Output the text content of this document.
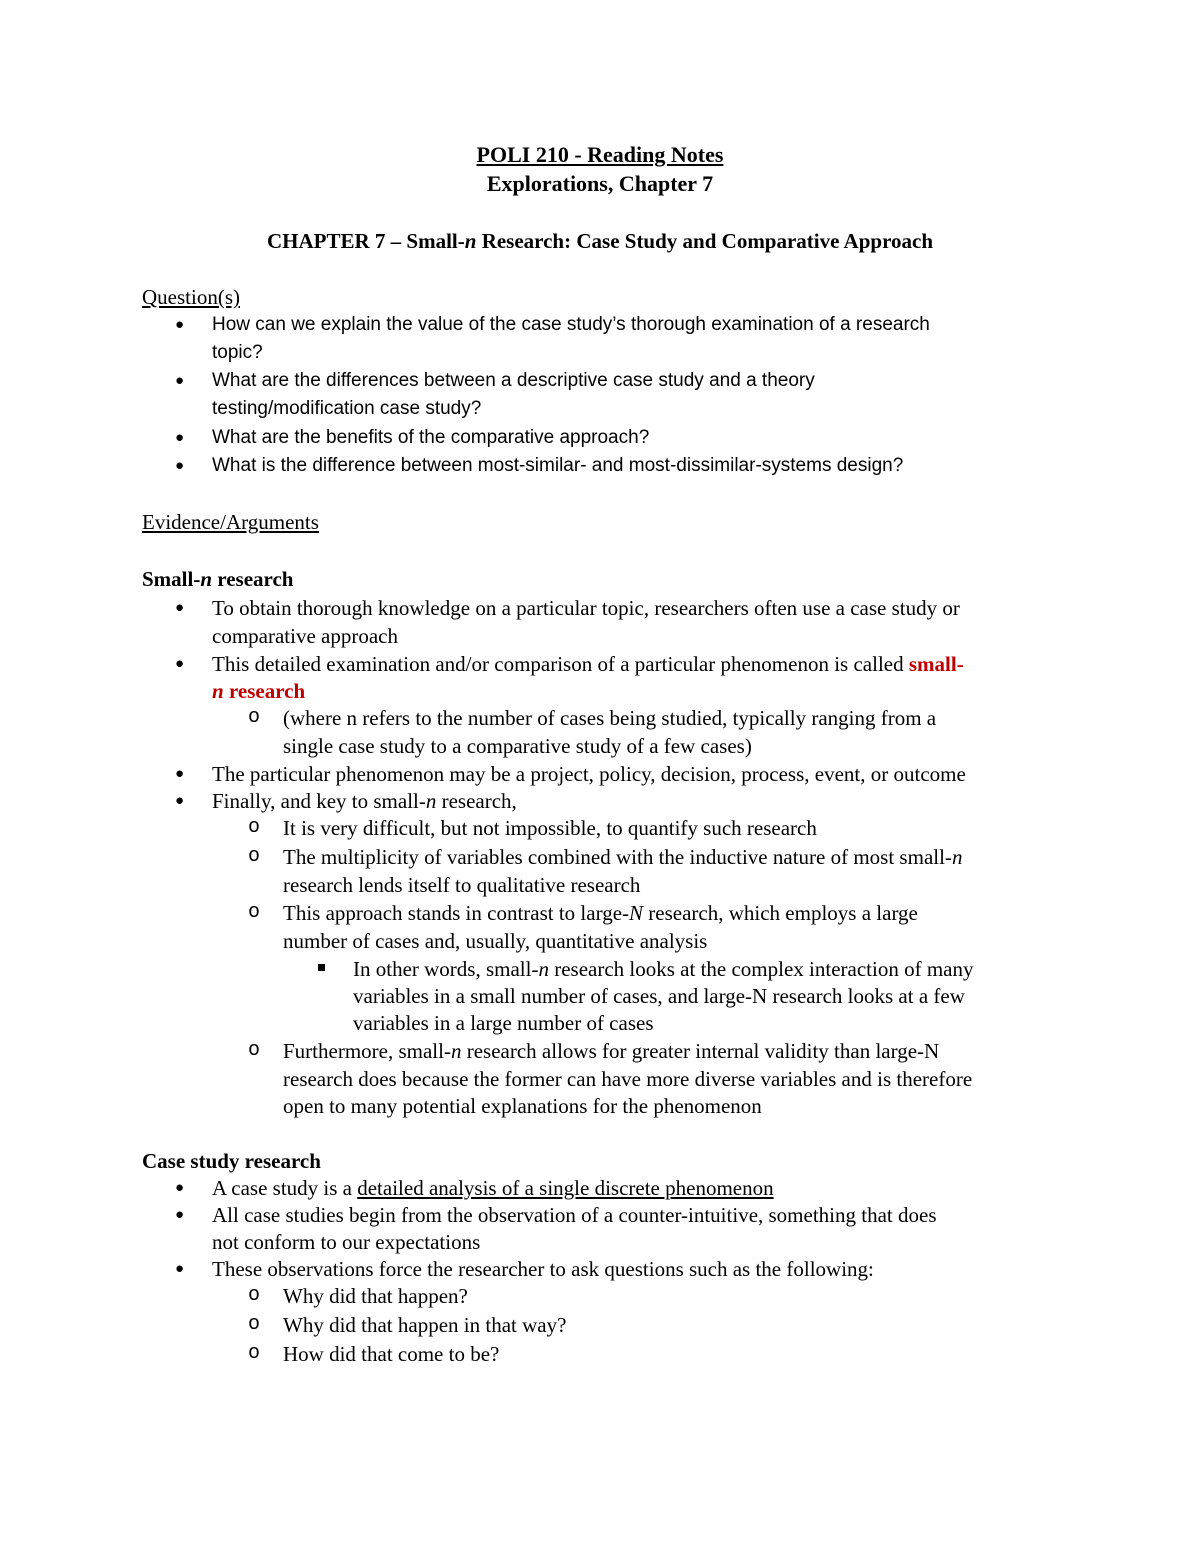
POLI 210 - Reading Notes
Explorations, Chapter 7
CHAPTER 7 – Small-n Research: Case Study and Comparative Approach
Question(s)
● How can we explain the value of the case study’s thorough examination of a research
topic?
● What are the differences between a descriptive case study and a theory
testing/modification case study?
● What are the benefits of the comparative approach?
● What is the difference between most-similar- and most-dissimilar-systems design?
Evidence/Arguments
Small-n research
● To obtain thorough knowledge on a particular topic, researchers often use a case study or
comparative approach
● This detailed examination and/or comparison of a particular phenomenon is called small-
n research
o (where n refers to the number of cases being studied, typically ranging from a
single case study to a comparative study of a few cases)
● The particular phenomenon may be a project, policy, decision, process, event, or outcome
● Finally, and key to small-n research,
o It is very difficult, but not impossible, to quantify such research
o The multiplicity of variables combined with the inductive nature of most small-n
research lends itself to qualitative research
o This approach stands in contrast to large-N research, which employs a large
number of cases and, usually, quantitative analysis
In other words, small-n research looks at the complex interaction of many
variables in a small number of cases, and large-N research looks at a few
variables in a large number of cases
o Furthermore, small-n research allows for greater internal validity than large-N
research does because the former can have more diverse variables and is therefore
open to many potential explanations for the phenomenon
Case study research
● A case study is a detailed analysis of a single discrete phenomenon
● All case studies begin from the observation of a counter-intuitive, something that does
not conform to our expectations
● These observations force the researcher to ask questions such as the following:
o Why did that happen?
o Why did that happen in that way?
o How did that come to be?
